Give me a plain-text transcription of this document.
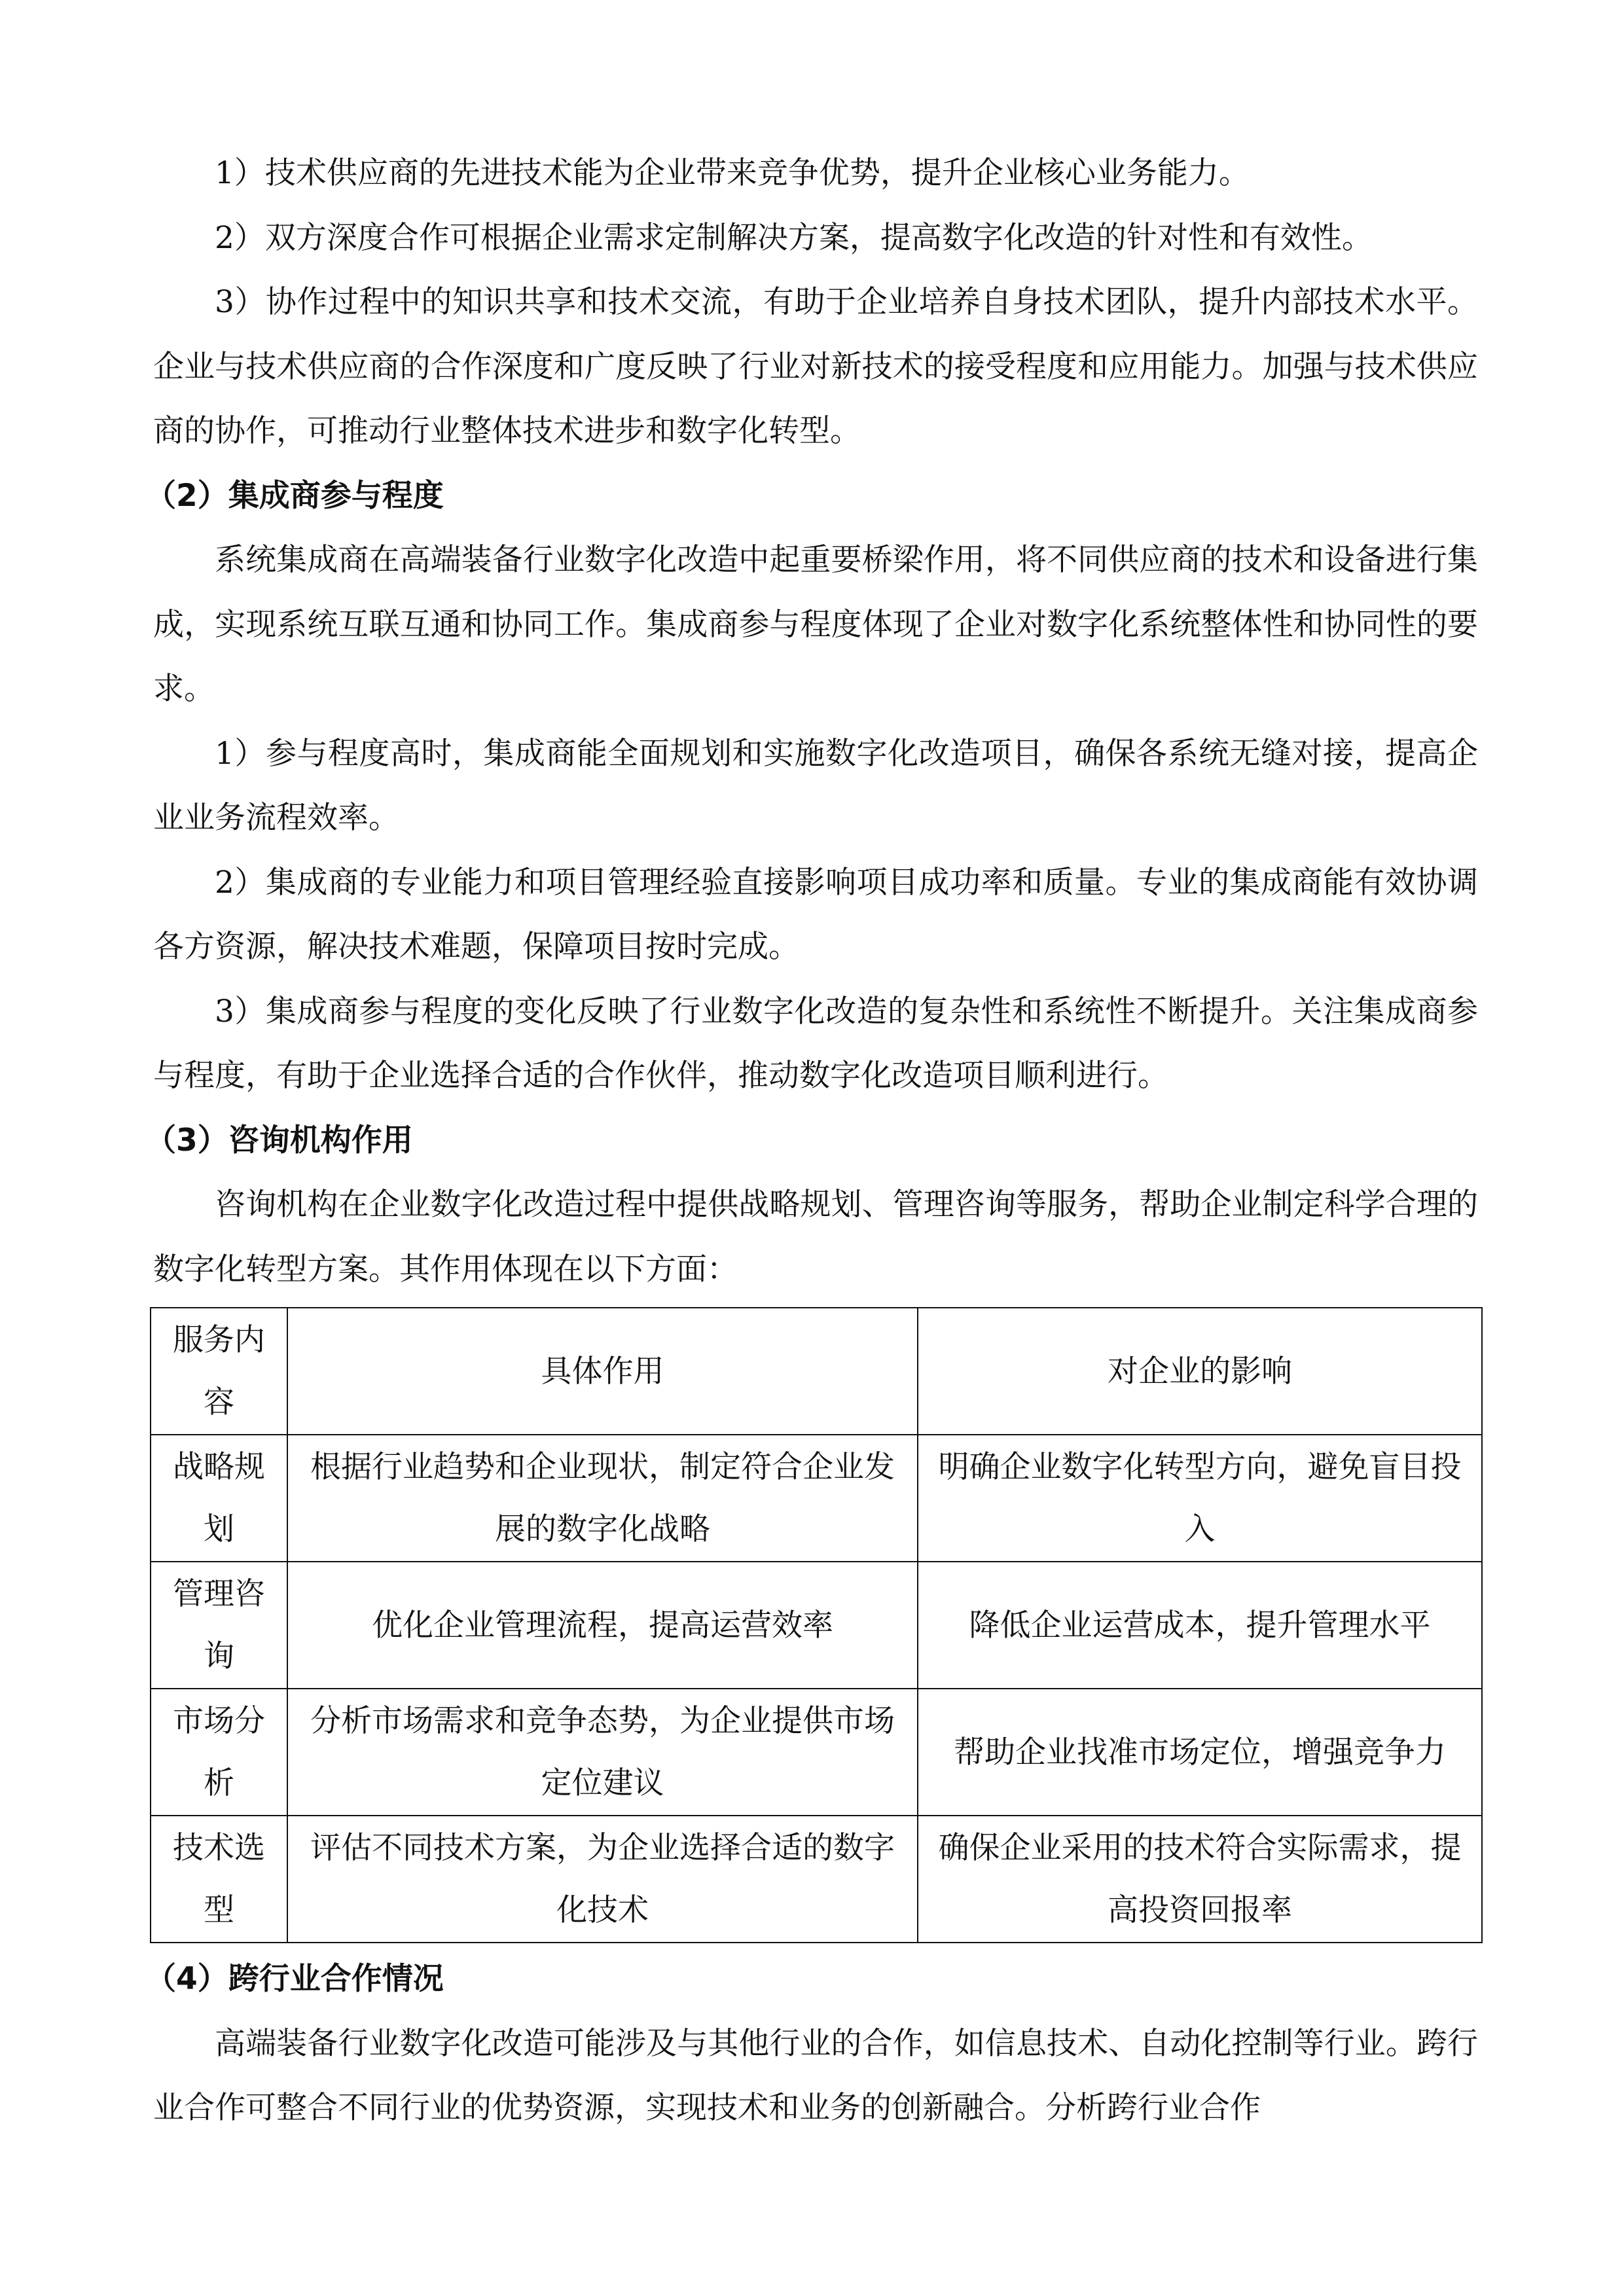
1）技术供应商的先进技术能为企业带来竞争优势，提升企业核心业务能力。

2）双方深度合作可根据企业需求定制解决方案，提高数字化改造的针对性和有效性。

3）协作过程中的知识共享和技术交流，有助于企业培养自身技术团队，提升内部技术水平。企业与技术供应商的合作深度和广度反映了行业对新技术的接受程度和应用能力。加强与技术供应商的协作，可推动行业整体技术进步和数字化转型。

（2）集成商参与程度

系统集成商在高端装备行业数字化改造中起重要桥梁作用，将不同供应商的技术和设备进行集成，实现系统互联互通和协同工作。集成商参与程度体现了企业对数字化系统整体性和协同性的要求。

1）参与程度高时，集成商能全面规划和实施数字化改造项目，确保各系统无缝对接，提高企业业务流程效率。

2）集成商的专业能力和项目管理经验直接影响项目成功率和质量。专业的集成商能有效协调各方资源，解决技术难题，保障项目按时完成。

3）集成商参与程度的变化反映了行业数字化改造的复杂性和系统性不断提升。关注集成商参与程度，有助于企业选择合适的合作伙伴，推动数字化改造项目顺利进行。

（3）咨询机构作用

咨询机构在企业数字化改造过程中提供战略规划、管理咨询等服务，帮助企业制定科学合理的数字化转型方案。其作用体现在以下方面：

服务内容	具体作用	对企业的影响
战略规划	根据行业趋势和企业现状，制定符合企业发展的数字化战略	明确企业数字化转型方向，避免盲目投入
管理咨询	优化企业管理流程，提高运营效率	降低企业运营成本，提升管理水平
市场分析	分析市场需求和竞争态势，为企业提供市场定位建议	帮助企业找准市场定位，增强竞争力
技术选型	评估不同技术方案，为企业选择合适的数字化技术	确保企业采用的技术符合实际需求，提高投资回报率
（4）跨行业合作情况

高端装备行业数字化改造可能涉及与其他行业的合作，如信息技术、自动化控制等行业。跨行业合作可整合不同行业的优势资源，实现技术和业务的创新融合。分析跨行业合作
